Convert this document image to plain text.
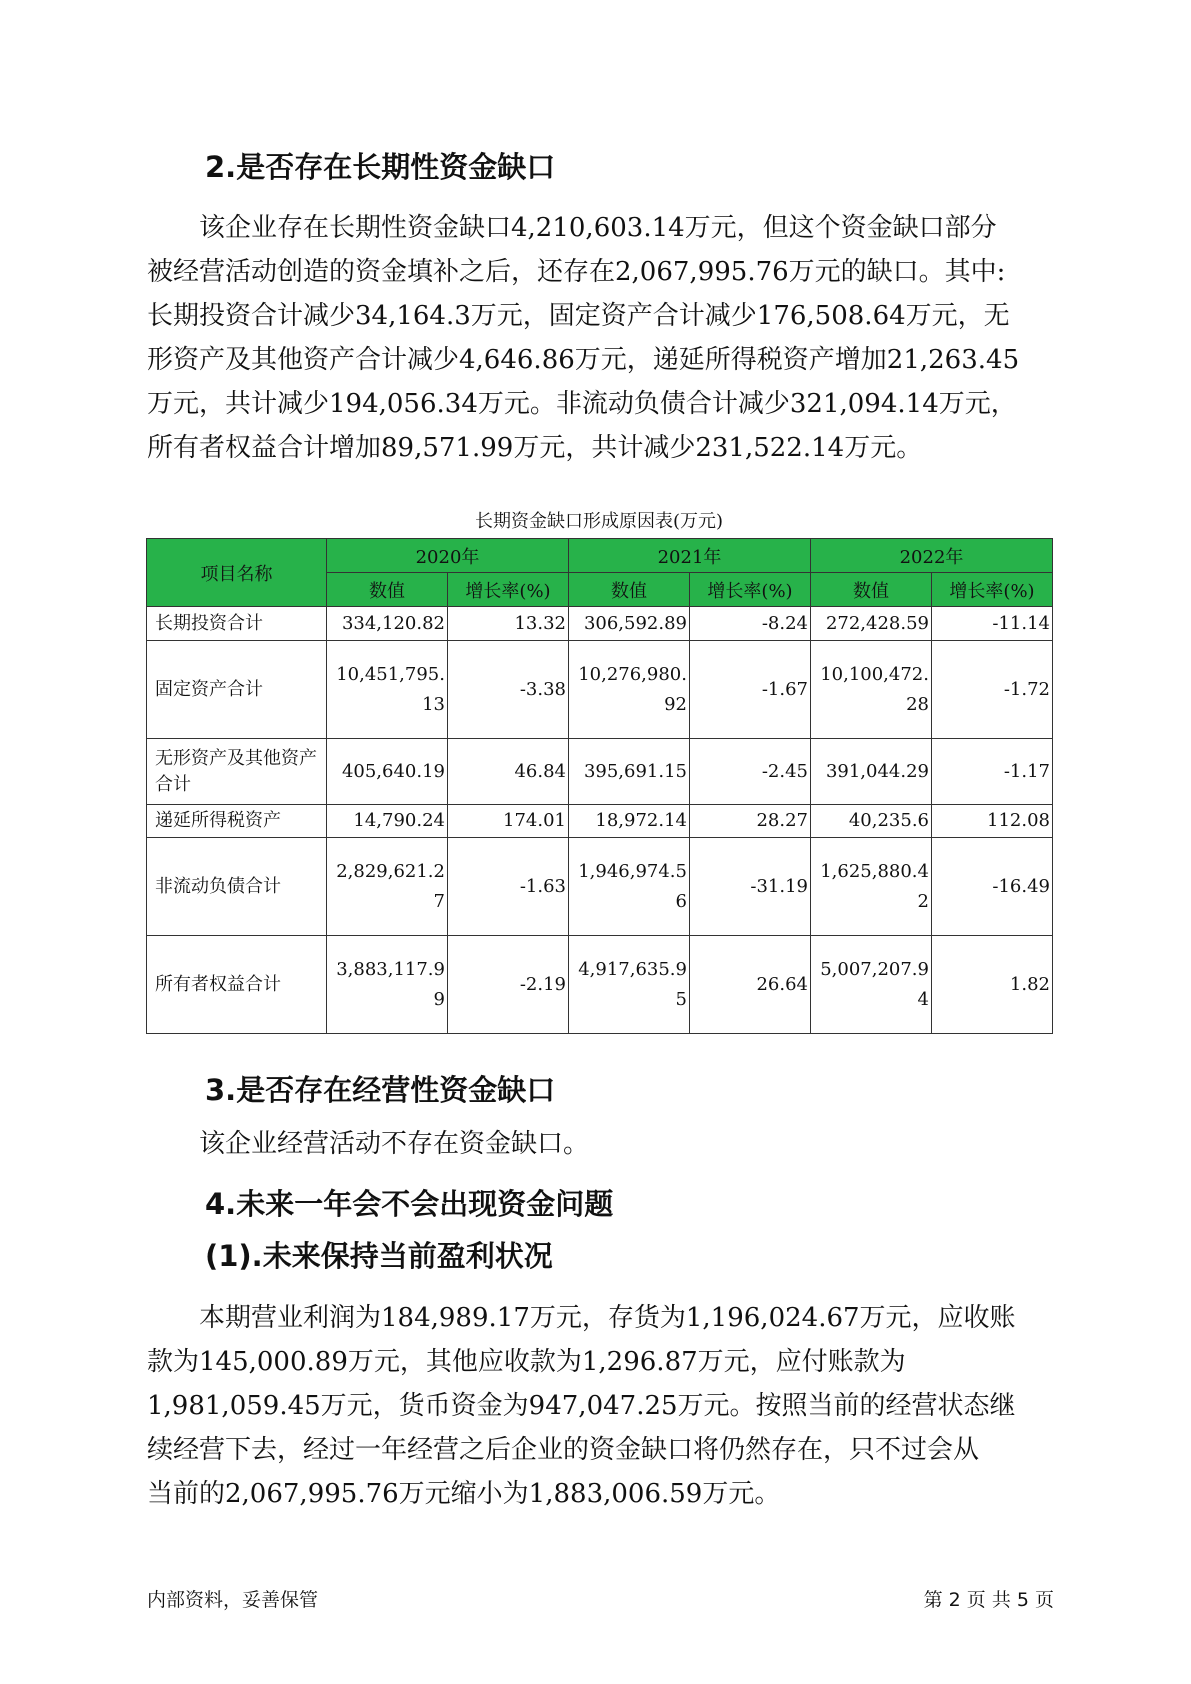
2.是否存在长期性资金缺口
　　该企业存在长期性资金缺口4,210,603.14万元，但这个资金缺口部分
被经营活动创造的资金填补之后，还存在2,067,995.76万元的缺口。其中:
长期投资合计减少34,164.3万元，固定资产合计减少176,508.64万元，无
形资产及其他资产合计减少4,646.86万元，递延所得税资产增加21,263.45
万元，共计减少194,056.34万元。非流动负债合计减少321,094.14万元，
所有者权益合计增加89,571.99万元，共计减少231,522.14万元。
长期资金缺口形成原因表(万元)
项目名称	2020年		2021年		2022年	
	数值	增长率(%)	数值	增长率(%)	数值	增长率(%)
长期投资合计	334,120.82	13.32	306,592.89	-8.24	272,428.59	-11.14
固定资产合计	10,451,795.13	-3.38	10,276,980.92	-1.67	10,100,472.28	-1.72
无形资产及其他资产合计	405,640.19	46.84	395,691.15	-2.45	391,044.29	-1.17
递延所得税资产	14,790.24	174.01	18,972.14	28.27	40,235.6	112.08
非流动负债合计	2,829,621.27	-1.63	1,946,974.56	-31.19	1,625,880.42	-16.49
所有者权益合计	3,883,117.99	-2.19	4,917,635.95	26.64	5,007,207.94	1.82
3.是否存在经营性资金缺口
　　该企业经营活动不存在资金缺口。
4.未来一年会不会出现资金问题
(1).未来保持当前盈利状况
　　本期营业利润为184,989.17万元，存货为1,196,024.67万元，应收账
款为145,000.89万元，其他应收款为1,296.87万元，应付账款为
1,981,059.45万元，货币资金为947,047.25万元。按照当前的经营状态继
续经营下去，经过一年经营之后企业的资金缺口将仍然存在，只不过会从
当前的2,067,995.76万元缩小为1,883,006.59万元。
内部资料，妥善保管	第 2 页 共 5 页
